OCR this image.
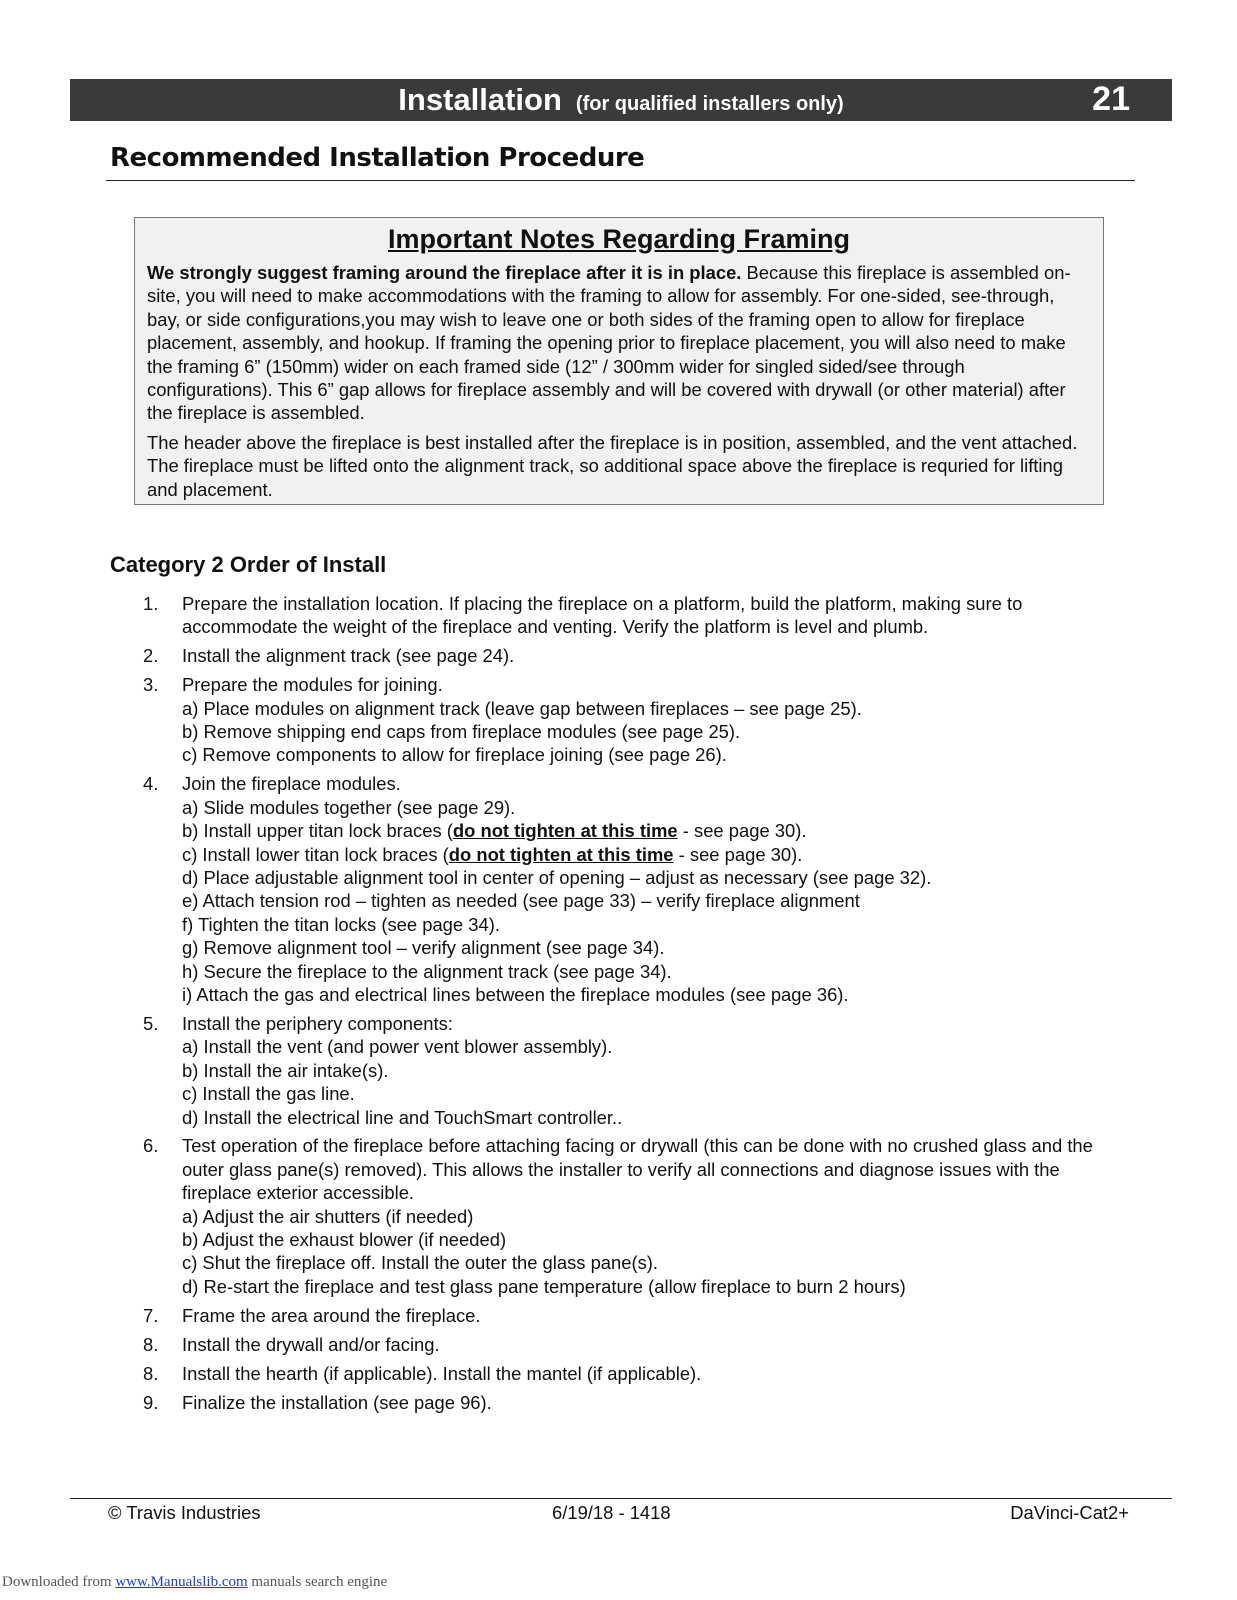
Installation (for qualified installers only)	21
Recommended Installation Procedure
Important Notes Regarding Framing

We strongly suggest framing around the fireplace after it is in place. Because this fireplace is assembled on-site, you will need to make accommodations with the framing to allow for assembly. For one-sided, see-through, bay, or side configurations,you may wish to leave one or both sides of the framing open to allow for fireplace placement, assembly, and hookup. If framing the opening prior to fireplace placement, you will also need to make the framing 6” (150mm) wider on each framed side (12” / 300mm wider for singled sided/see through configurations). This 6” gap allows for fireplace assembly and will be covered with drywall (or other material) after the fireplace is assembled.

The header above the fireplace is best installed after the fireplace is in position, assembled, and the vent attached. The fireplace must be lifted onto the alignment track, so additional space above the fireplace is requried for lifting and placement.

Category 2 Order of Install
1. Prepare the installation location. If placing the fireplace on a platform, build the platform, making sure to accommodate the weight of the fireplace and venting. Verify the platform is level and plumb.
2. Install the alignment track (see page 24).
3. Prepare the modules for joining.
a) Place modules on alignment track (leave gap between fireplaces – see page 25).
b) Remove shipping end caps from fireplace modules (see page 25).
c) Remove components to allow for fireplace joining (see page 26).
4. Join the fireplace modules.
a) Slide modules together (see page 29).
b) Install upper titan lock braces (do not tighten at this time - see page 30).
c) Install lower titan lock braces (do not tighten at this time - see page 30).
d) Place adjustable alignment tool in center of opening – adjust as necessary (see page 32).
e) Attach tension rod – tighten as needed (see page 33) – verify fireplace alignment
f) Tighten the titan locks (see page 34).
g) Remove alignment tool – verify alignment (see page 34).
h) Secure the fireplace to the alignment track (see page 34).
i) Attach the gas and electrical lines between the fireplace modules (see page 36).
5. Install the periphery components:
a) Install the vent (and power vent blower assembly).
b) Install the air intake(s).
c) Install the gas line.
d) Install the electrical line and TouchSmart controller..
6. Test operation of the fireplace before attaching facing or drywall (this can be done with no crushed glass and the outer glass pane(s) removed). This allows the installer to verify all connections and diagnose issues with the fireplace exterior accessible.
a) Adjust the air shutters (if needed)
b) Adjust the exhaust blower (if needed)
c) Shut the fireplace off. Install the outer the glass pane(s).
d) Re-start the fireplace and test glass pane temperature (allow fireplace to burn 2 hours)
7. Frame the area around the fireplace.
8. Install the drywall and/or facing.
8. Install the hearth (if applicable). Install the mantel (if applicable).
9. Finalize the installation (see page 96).
© Travis Industries	6/19/18 - 1418	DaVinci-Cat2+
Downloaded from www.Manualslib.com manuals search engine
